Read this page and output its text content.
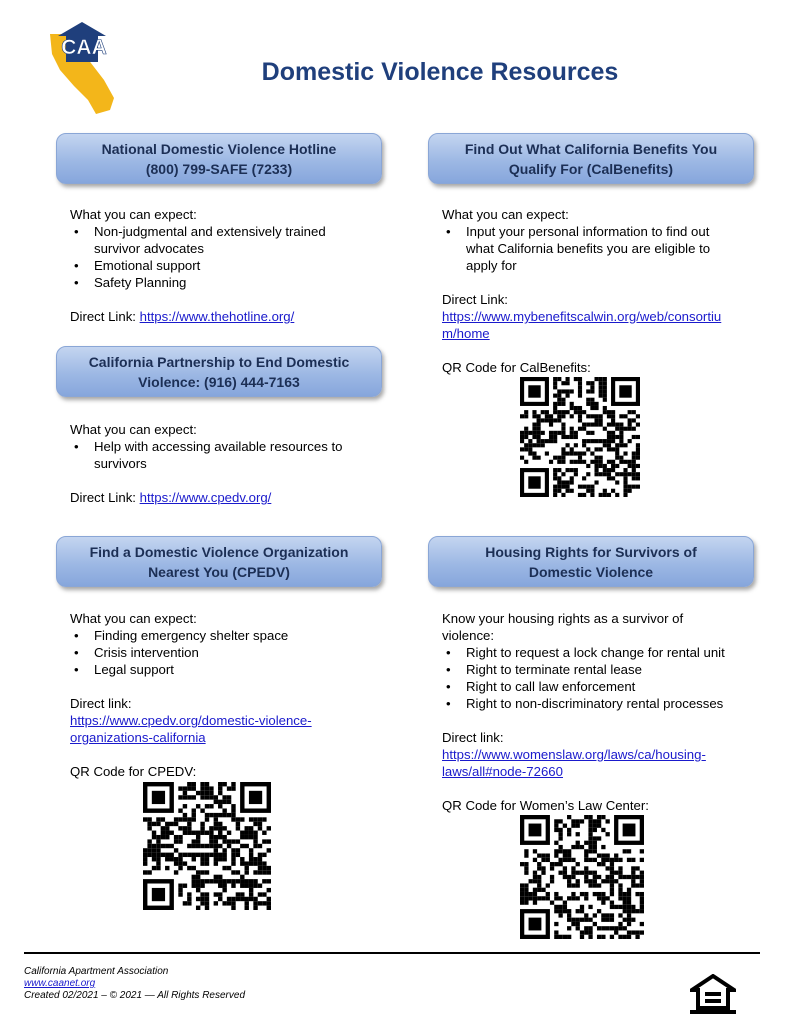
CAA
Domestic Violence Resources
National Domestic Violence Hotline
(800) 799-SAFE (7233)

What you can expect:

• Non-judgmental and extensively trained
survivor advocates
• Emotional support
• Safety Planning

Direct Link: https://www.thehotline.org/

California Partnership to End Domestic
Violence: (916) 444-7163

What you can expect:

• Help with accessing available resources to
survivors

Direct Link: https://www.cpedv.org/

Find a Domestic Violence Organization
Nearest You (CPEDV)

What you can expect:

• Finding emergency shelter space
• Crisis intervention
• Legal support

Direct link:

https://www.cpedv.org/domestic-violence-
organizations-california

QR Code for CPEDV:

Find Out What California Benefits You
Qualify For (CalBenefits)

What you can expect:

• Input your personal information to find out
what California benefits you are eligible to
apply for

Direct Link:

https://www.mybenefitscalwin.org/web/consortiu
m/home

QR Code for CalBenefits:

Housing Rights for Survivors of
Domestic Violence

Know your housing rights as a survivor of
violence:

• Right to request a lock change for rental unit
• Right to terminate rental lease
• Right to call law enforcement
• Right to non-discriminatory rental processes

Direct link:

https://www.womenslaw.org/laws/ca/housing-
laws/all#node-72660

QR Code for Women’s Law Center:

California Apartment Association
www.caanet.org
Created 02/2021 – © 2021 — All Rights Reserved
